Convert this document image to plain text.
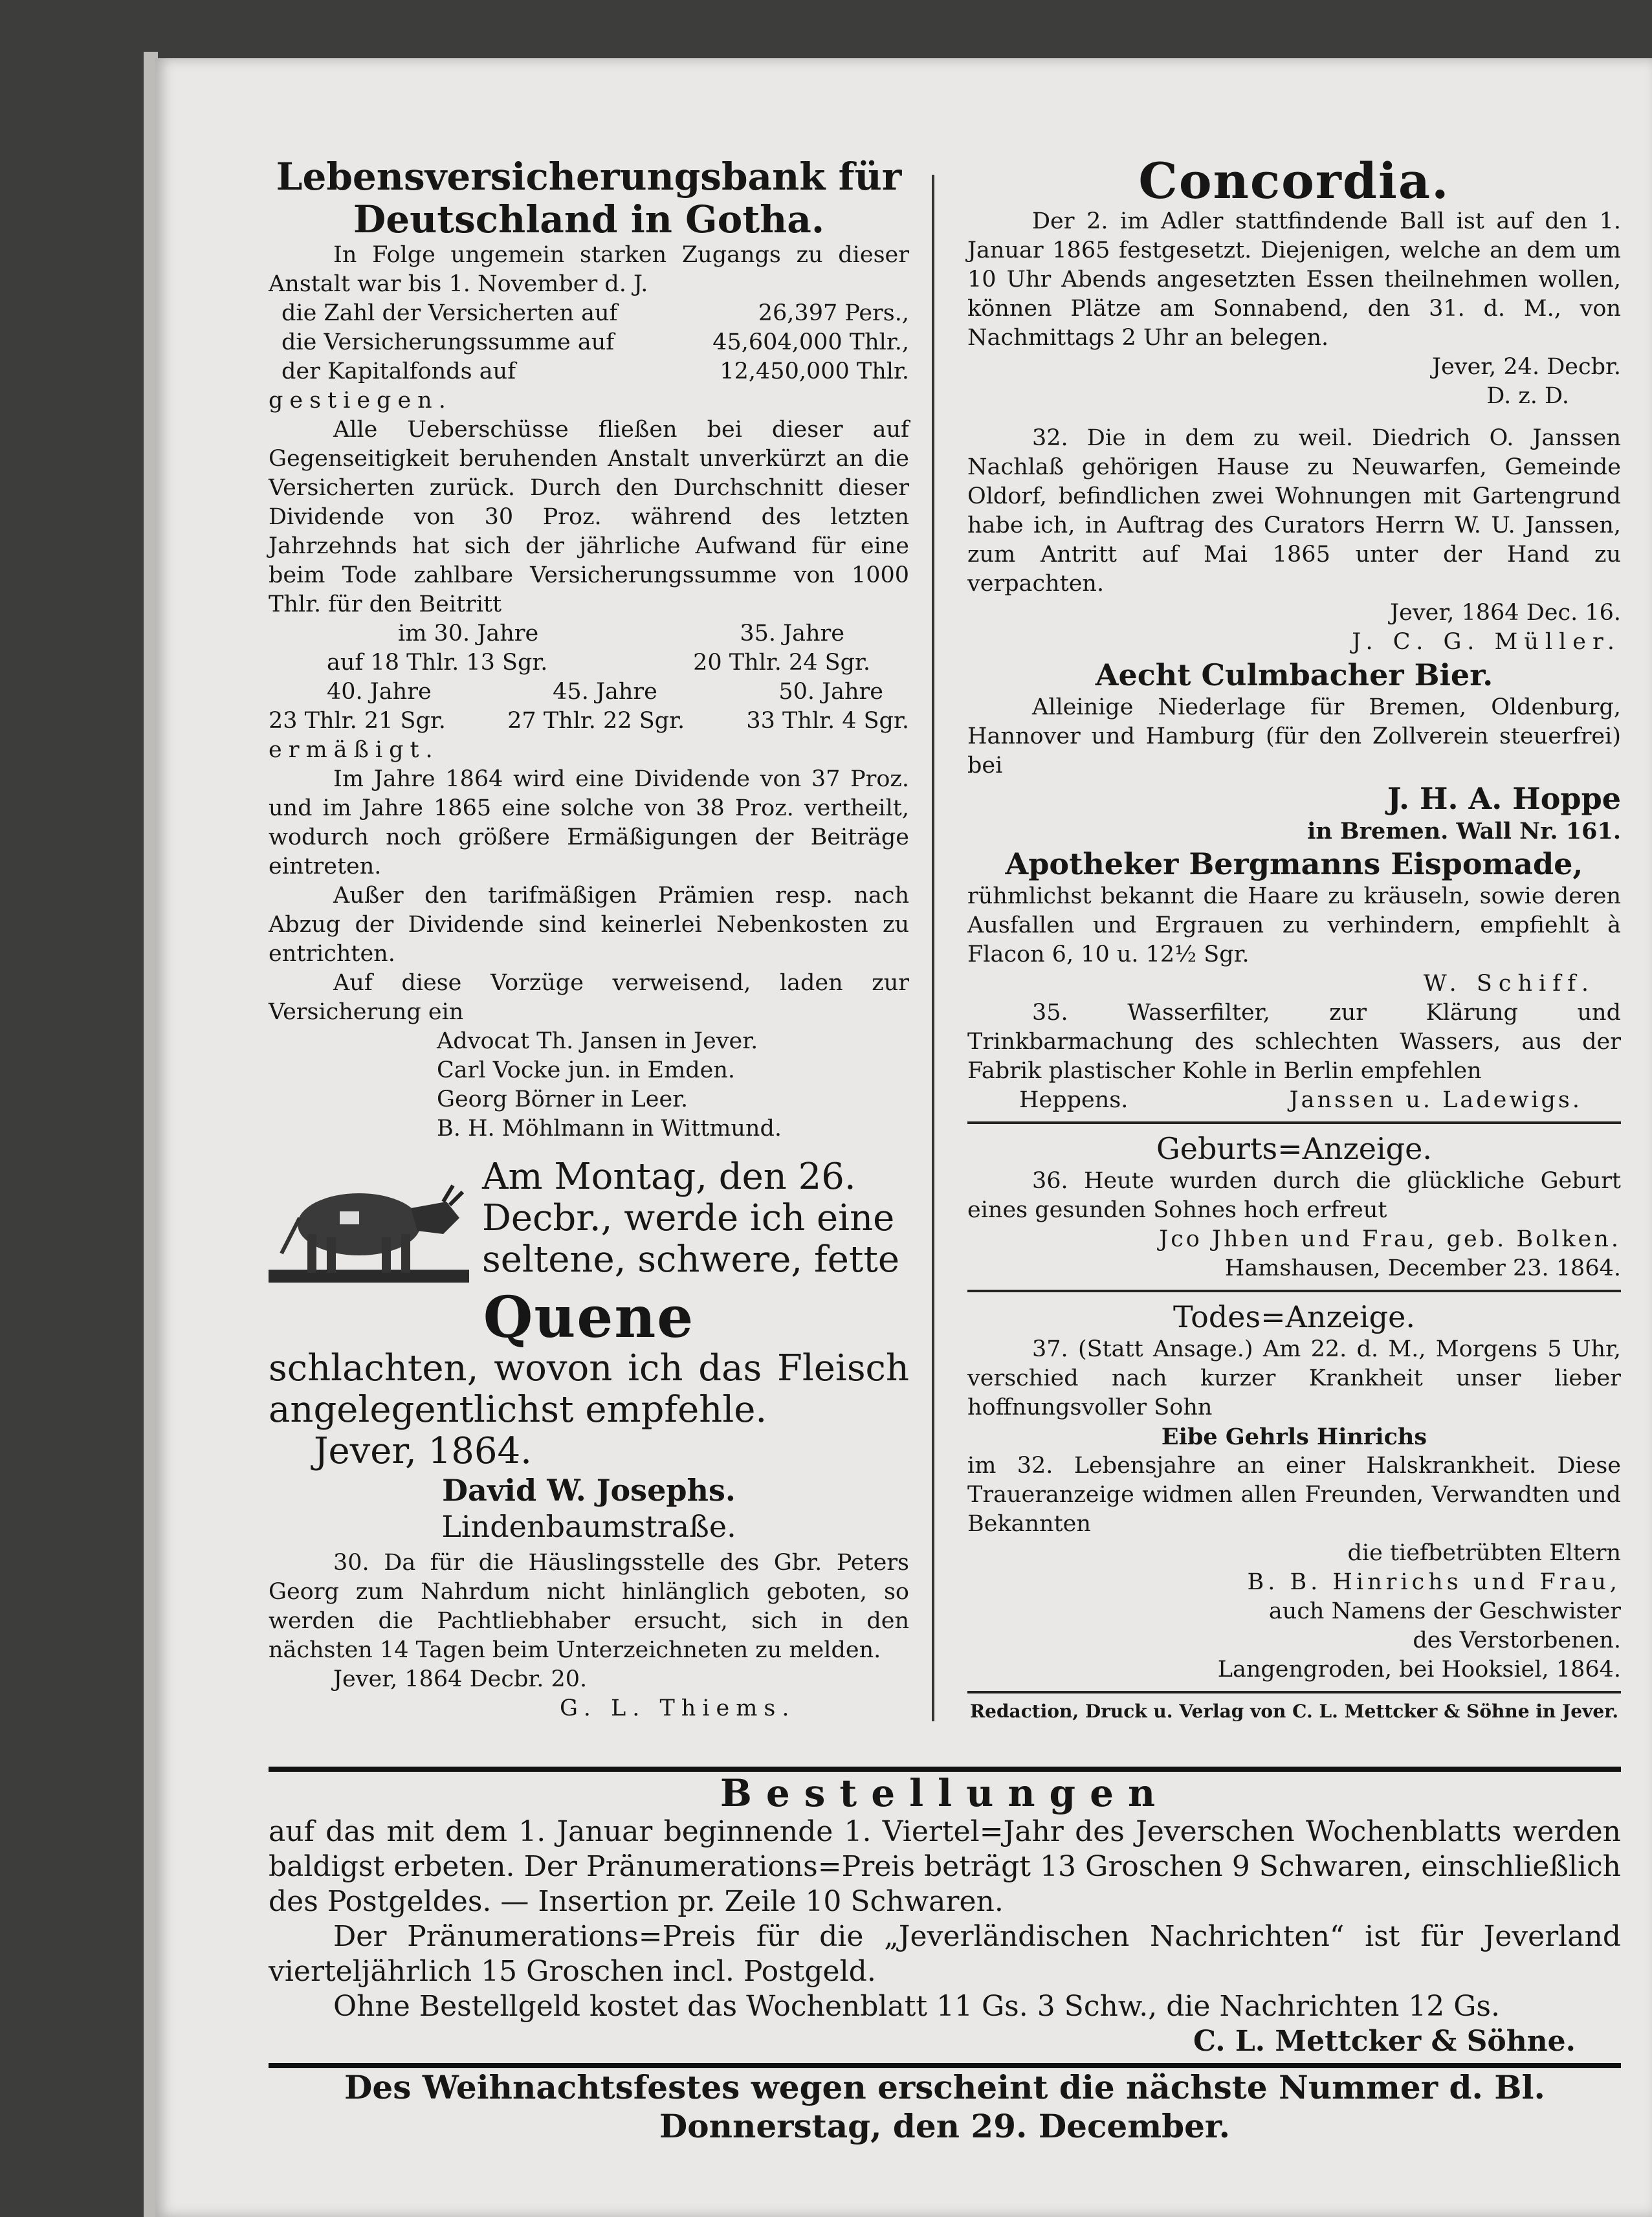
Lebensversicherungsbank für

Deutschland in Gotha.

In Folge ungemein starken Zugangs zu dieser Anstalt war bis 1. November d. J.

die Zahl der Versicherten auf	26,397 Pers.,

die Versicherungssumme auf	45,604,000 Thlr.,

der Kapitalfonds auf	12,450,000 Thlr.

gestiegen.

Alle Ueberschüsse fließen bei dieser auf Gegenseitigkeit beruhenden Anstalt unverkürzt an die Versicherten zurück. Durch den Durchschnitt dieser Dividende von 30 Proz. während des letzten Jahrzehnds hat sich der jährliche Aufwand für eine beim Tode zahlbare Versicherungssumme von 1000 Thlr. für den Beitritt

im 30. Jahre	35. Jahre

auf 18 Thlr. 13 Sgr.	20 Thlr. 24 Sgr.

40. Jahre	45. Jahre	50. Jahre

23 Thlr. 21 Sgr.	27 Thlr. 22 Sgr.	33 Thlr. 4 Sgr.

ermäßigt.

Im Jahre 1864 wird eine Dividende von 37 Proz. und im Jahre 1865 eine solche von 38 Proz. vertheilt, wodurch noch größere Ermäßigungen der Beiträge eintreten.

Außer den tarifmäßigen Prämien resp. nach Abzug der Dividende sind keinerlei Nebenkosten zu entrichten.

Auf diese Vorzüge verweisend, laden zur Versicherung ein

Advocat Th. Jansen in Jever.

Carl Vocke jun. in Emden.

Georg Börner in Leer.

B. H. Möhlmann in Wittmund.

Am Montag, den 26.

Decbr., werde ich eine

seltene, schwere, fette

Quene

schlachten, wovon ich das Fleisch angelegentlichst empfehle.

Jever, 1864.

David W. Josephs.

Lindenbaumstraße.

30. Da für die Häuslingsstelle des Gbr. Peters Georg zum Nahrdum nicht hinlänglich geboten, so werden die Pachtliebhaber ersucht, sich in den nächsten 14 Tagen beim Unterzeichneten zu melden.

Jever, 1864 Decbr. 20.

G. L. Thiems.

Concordia.

Der 2. im Adler stattfindende Ball ist auf den 1. Januar 1865 festgesetzt. Diejenigen, welche an dem um 10 Uhr Abends angesetzten Essen theilnehmen wollen, können Plätze am Sonnabend, den 31. d. M., von Nachmittags 2 Uhr an belegen.

Jever, 24. Decbr.

D. z. D.

32. Die in dem zu weil. Diedrich O. Janssen Nachlaß gehörigen Hause zu Neuwarfen, Gemeinde Oldorf, befindlichen zwei Wohnungen mit Gartengrund habe ich, in Auftrag des Curators Herrn W. U. Janssen, zum Antritt auf Mai 1865 unter der Hand zu verpachten.

Jever, 1864 Dec. 16.

J. C. G. Müller.

Aecht Culmbacher Bier.

Alleinige Niederlage für Bremen, Oldenburg, Hannover und Hamburg (für den Zollverein steuerfrei) bei

J. H. A. Hoppe

in Bremen. Wall Nr. 161.

Apotheker Bergmanns Eispomade,

rühmlichst bekannt die Haare zu kräuseln, sowie deren Ausfallen und Ergrauen zu verhindern, empfiehlt à Flacon 6, 10 u. 12½ Sgr.

W. Schiff.

35. Wasserfilter, zur Klärung und Trinkbarmachung des schlechten Wassers, aus der Fabrik plastischer Kohle in Berlin empfehlen

Heppens.	Janssen u. Ladewigs.

Geburts=Anzeige.

36. Heute wurden durch die glückliche Geburt eines gesunden Sohnes hoch erfreut

Jco Jhben und Frau, geb. Bolken.

Hamshausen, December 23. 1864.

Todes=Anzeige.

37. (Statt Ansage.) Am 22. d. M., Morgens 5 Uhr, verschied nach kurzer Krankheit unser lieber hoffnungsvoller Sohn

Eibe Gehrls Hinrichs

im 32. Lebensjahre an einer Halskrankheit. Diese Traueranzeige widmen allen Freunden, Verwandten und Bekannten

die tiefbetrübten Eltern

B. B. Hinrichs und Frau,

auch Namens der Geschwister

des Verstorbenen.

Langengroden, bei Hooksiel, 1864.

Redaction, Druck u. Verlag von C. L. Mettcker & Söhne in Jever.

Bestellungen

auf das mit dem 1. Januar beginnende 1. Viertel=Jahr des Jeverschen Wochenblatts werden baldigst erbeten. Der Pränumerations=Preis beträgt 13 Groschen 9 Schwaren, einschließlich des Postgeldes. — Insertion pr. Zeile 10 Schwaren.

Der Pränumerations=Preis für die „Jeverländischen Nachrichten“ ist für Jeverland vierteljährlich 15 Groschen incl. Postgeld.

Ohne Bestellgeld kostet das Wochenblatt 11 Gs. 3 Schw., die Nachrichten 12 Gs.

C. L. Mettcker & Söhne.

Des Weihnachtsfestes wegen erscheint die nächste Nummer d. Bl.

Donnerstag, den 29. December.
